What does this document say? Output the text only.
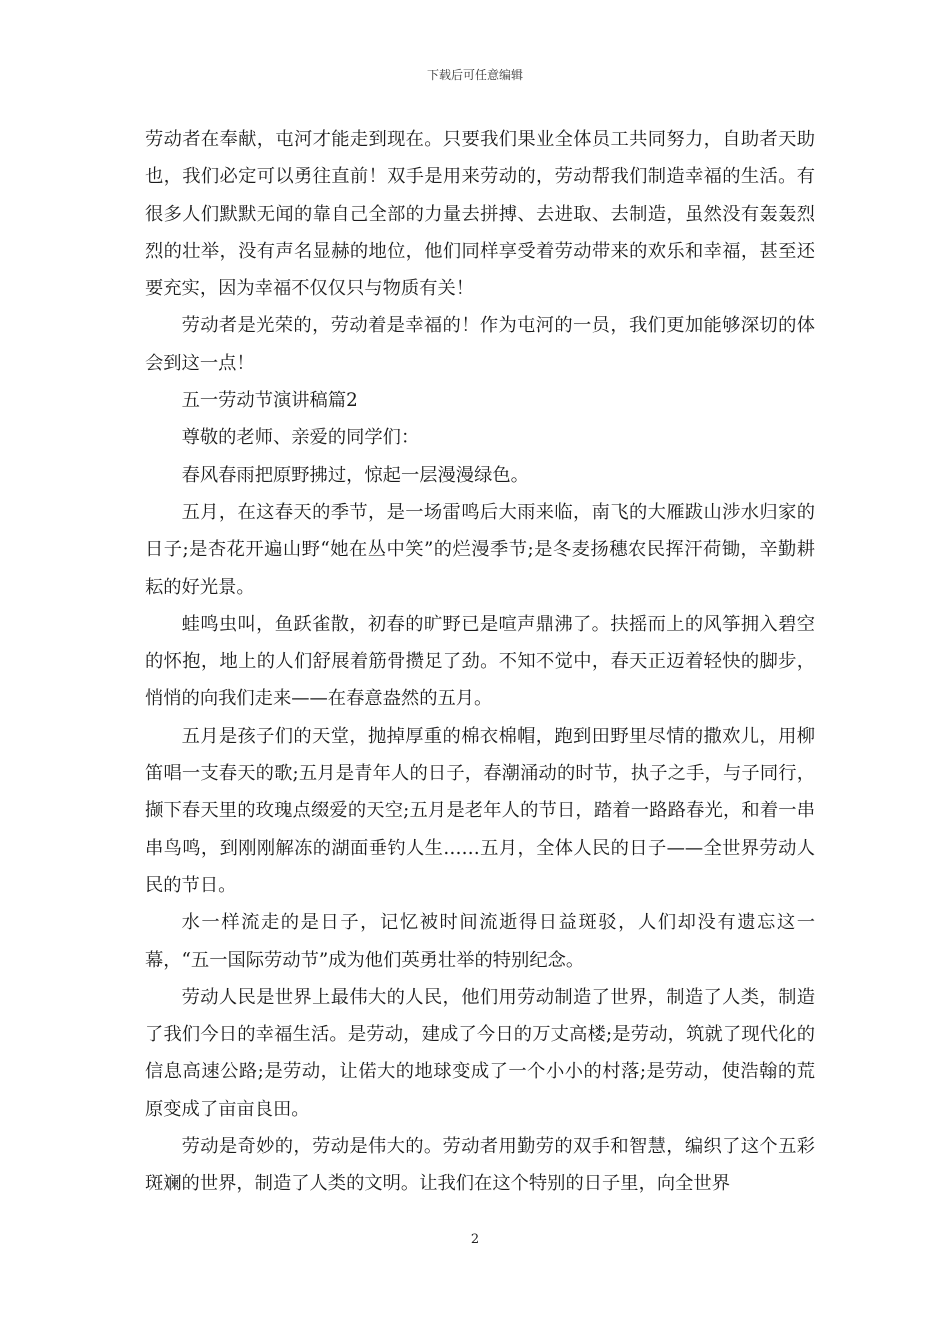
下载后可任意编辑

劳动者在奉献，屯河才能走到现在。只要我们果业全体员工共同努力，自助者天助也，我们必定可以勇往直前！双手是用来劳动的，劳动帮我们制造幸福的生活。有很多人们默默无闻的靠自己全部的力量去拼搏、去进取、去制造，虽然没有轰轰烈烈的壮举，没有声名显赫的地位，他们同样享受着劳动带来的欢乐和幸福，甚至还要充实，因为幸福不仅仅只与物质有关！

劳动者是光荣的，劳动着是幸福的！作为屯河的一员，我们更加能够深切的体会到这一点！

五一劳动节演讲稿篇2

尊敬的老师、亲爱的同学们：

春风春雨把原野拂过，惊起一层漫漫绿色。

五月，在这春天的季节，是一场雷鸣后大雨来临，南飞的大雁跋山涉水归家的日子;是杏花开遍山野“她在丛中笑”的烂漫季节;是冬麦扬穗农民挥汗荷锄，辛勤耕耘的好光景。

蛙鸣虫叫，鱼跃雀散，初春的旷野已是喧声鼎沸了。扶摇而上的风筝拥入碧空的怀抱，地上的人们舒展着筋骨攒足了劲。不知不觉中，春天正迈着轻快的脚步，悄悄的向我们走来——在春意盎然的五月。

五月是孩子们的天堂，抛掉厚重的棉衣棉帽，跑到田野里尽情的撒欢儿，用柳笛唱一支春天的歌;五月是青年人的日子，春潮涌动的时节，执子之手，与子同行，撷下春天里的玫瑰点缀爱的天空;五月是老年人的节日，踏着一路路春光，和着一串串鸟鸣，到刚刚解冻的湖面垂钓人生……五月，全体人民的日子——全世界劳动人民的节日。

水一样流走的是日子，记忆被时间流逝得日益斑驳，人们却没有遗忘这一幕，“五一国际劳动节”成为他们英勇壮举的特别纪念。

劳动人民是世界上最伟大的人民，他们用劳动制造了世界，制造了人类，制造了我们今日的幸福生活。是劳动，建成了今日的万丈高楼;是劳动，筑就了现代化的信息高速公路;是劳动，让偌大的地球变成了一个小小的村落;是劳动，使浩翰的荒原变成了亩亩良田。

劳动是奇妙的，劳动是伟大的。劳动者用勤劳的双手和智慧，编织了这个五彩斑斓的世界，制造了人类的文明。让我们在这个特别的日子里，向全世界

2
